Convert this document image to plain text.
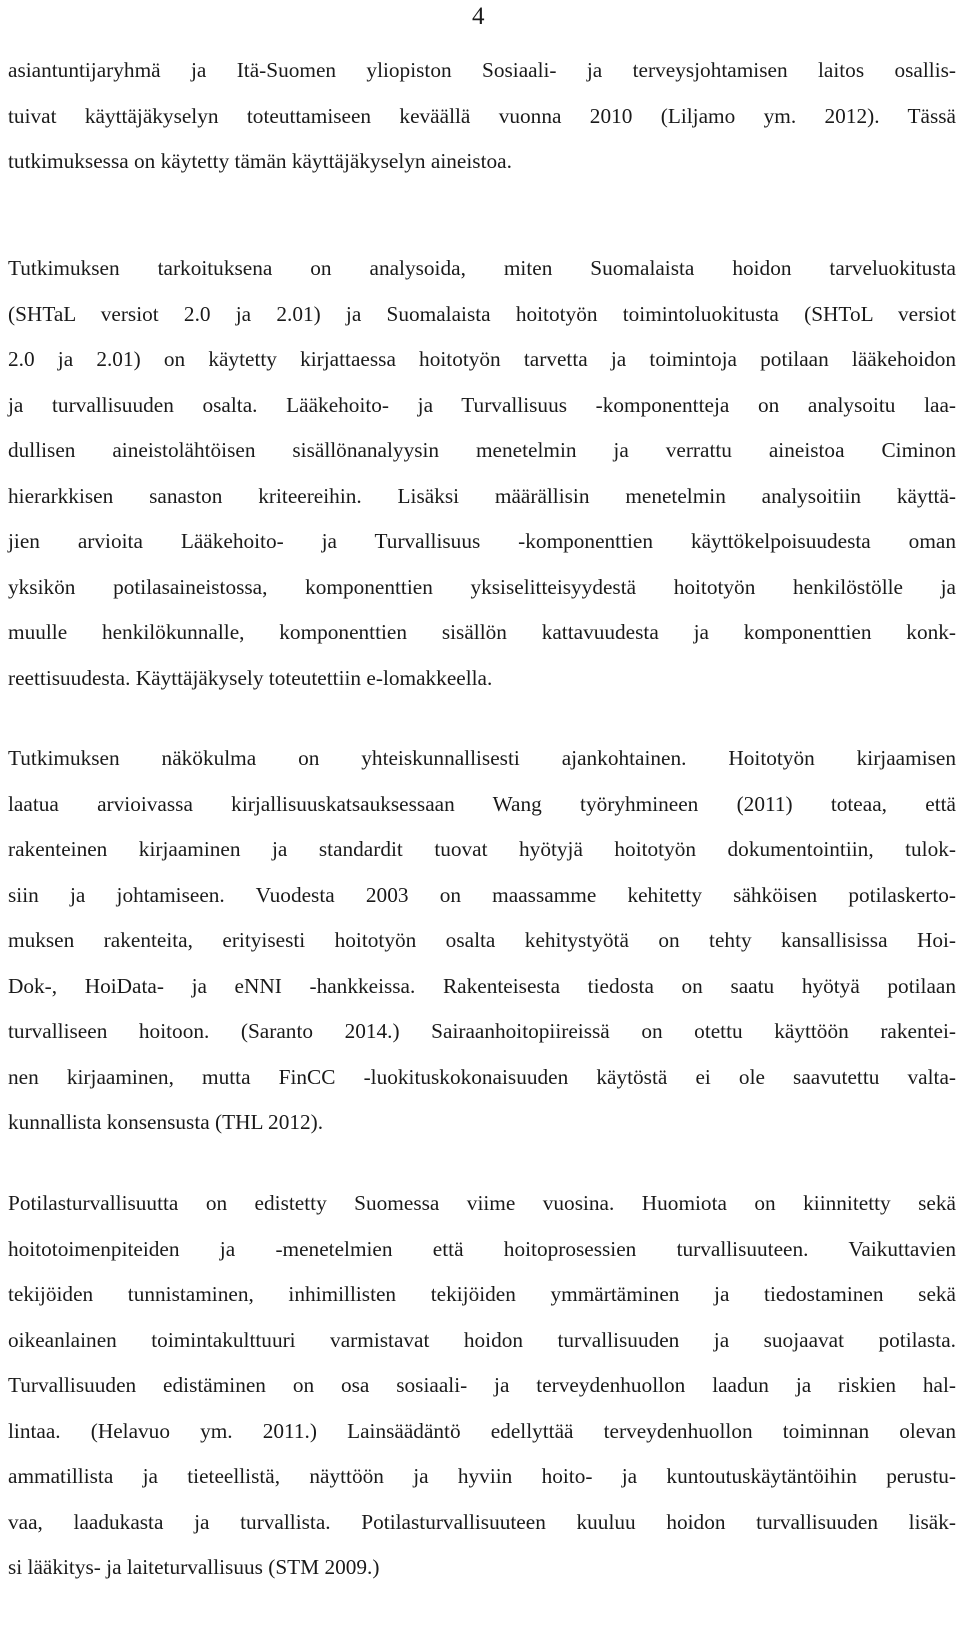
4
asiantuntijaryhmä ja Itä-Suomen yliopiston Sosiaali- ja terveysjohtamisen laitos osallis-
tuivat käyttäjäkyselyn toteuttamiseen keväällä vuonna 2010 (Liljamo ym. 2012). Tässä
tutkimuksessa on käytetty tämän käyttäjäkyselyn aineistoa.
Tutkimuksen tarkoituksena on analysoida, miten Suomalaista hoidon tarveluokitusta
(SHTaL versiot 2.0 ja 2.01) ja Suomalaista hoitotyön toimintoluokitusta (SHToL versiot
2.0 ja 2.01) on käytetty kirjattaessa hoitotyön tarvetta ja toimintoja potilaan lääkehoidon
ja turvallisuuden osalta. Lääkehoito- ja Turvallisuus -komponentteja on analysoitu laa-
dullisen aineistolähtöisen sisällönanalyysin menetelmin ja verrattu aineistoa Ciminon
hierarkkisen sanaston kriteereihin. Lisäksi määrällisin menetelmin analysoitiin käyttä-
jien arvioita Lääkehoito- ja Turvallisuus -komponenttien käyttökelpoisuudesta oman
yksikön potilasaineistossa, komponenttien yksiselitteisyydestä hoitotyön henkilöstölle ja
muulle henkilökunnalle, komponenttien sisällön kattavuudesta ja komponenttien konk-
reettisuudesta. Käyttäjäkysely toteutettiin e-lomakkeella.
Tutkimuksen näkökulma on yhteiskunnallisesti ajankohtainen. Hoitotyön kirjaamisen
laatua arvioivassa kirjallisuuskatsauksessaan Wang työryhmineen (2011) toteaa, että
rakenteinen kirjaaminen ja standardit tuovat hyötyjä hoitotyön dokumentointiin, tulok-
siin ja johtamiseen. Vuodesta 2003 on maassamme kehitetty sähköisen potilaskerto-
muksen rakenteita, erityisesti hoitotyön osalta kehitystyötä on tehty kansallisissa Hoi-
Dok-, HoiData- ja eNNI -hankkeissa. Rakenteisesta tiedosta on saatu hyötyä potilaan
turvalliseen hoitoon. (Saranto 2014.) Sairaanhoitopiireissä on otettu käyttöön rakentei-
nen kirjaaminen, mutta FinCC -luokituskokonaisuuden käytöstä ei ole saavutettu valta-
kunnallista konsensusta (THL 2012).
Potilasturvallisuutta on edistetty Suomessa viime vuosina. Huomiota on kiinnitetty sekä
hoitotoimenpiteiden ja -menetelmien että hoitoprosessien turvallisuuteen. Vaikuttavien
tekijöiden tunnistaminen, inhimillisten tekijöiden ymmärtäminen ja tiedostaminen sekä
oikeanlainen toimintakulttuuri varmistavat hoidon turvallisuuden ja suojaavat potilasta.
Turvallisuuden edistäminen on osa sosiaali- ja terveydenhuollon laadun ja riskien hal-
lintaa. (Helavuo ym. 2011.) Lainsäädäntö edellyttää terveydenhuollon toiminnan olevan
ammatillista ja tieteellistä, näyttöön ja hyviin hoito- ja kuntoutuskäytäntöihin perustu-
vaa, laadukasta ja turvallista. Potilasturvallisuuteen kuuluu hoidon turvallisuuden lisäk-
si lääkitys- ja laiteturvallisuus (STM 2009.)
